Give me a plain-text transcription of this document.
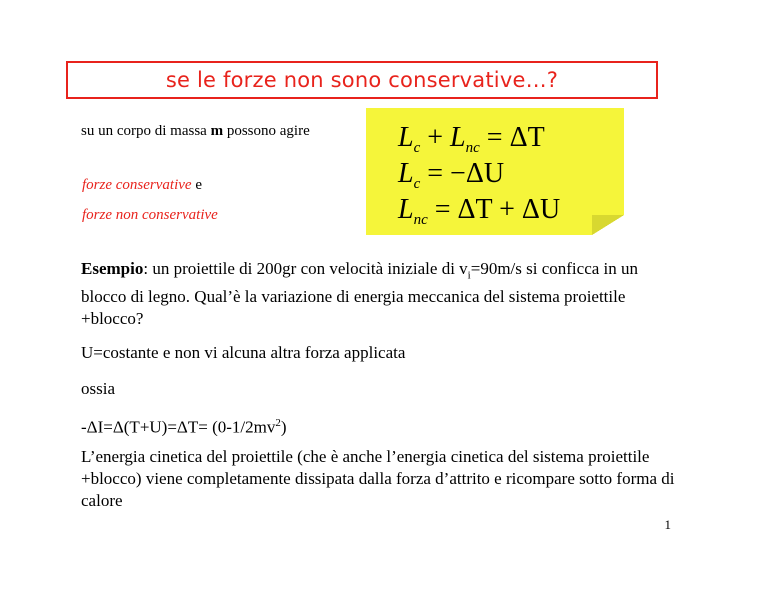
se le forze non sono conservative…?
su un corpo di massa m possono agire
forze conservative e
forze non conservative
$L_c + L_{nc} = \Delta T$
$L_c = -\Delta U$
$L_{nc} = \Delta T + \Delta U$
Esempio: un proiettile di 200gr con velocità iniziale di $v_i=90m/s$ si conficca in un blocco di legno. Qual’è la variazione di energia meccanica del sistema proiettile +blocco?
U=costante e non vi alcuna altra forza applicata
ossia
$-\Delta I=\Delta(T+U)=\Delta T= (0-1/2mv^2)$
L’energia cinetica del proiettile (che è anche l’energia cinetica del sistema proiettile +blocco) viene completamente dissipata dalla forza d’attrito e ricompare sotto forma di calore
1
